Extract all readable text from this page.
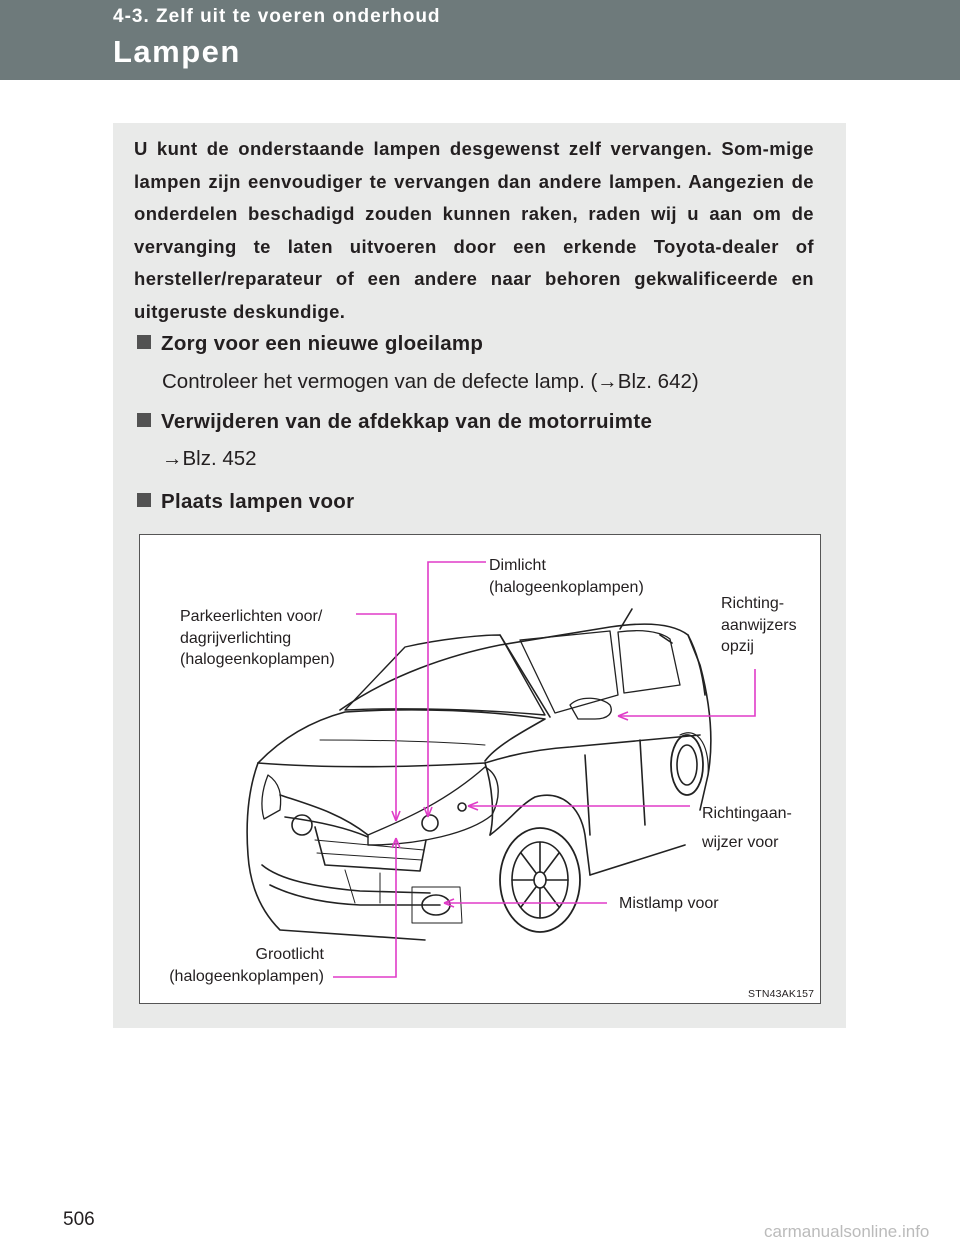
4-3. Zelf uit te voeren onderhoud
Lampen
U kunt de onderstaande lampen desgewenst zelf vervangen. Som-mige lampen zijn eenvoudiger te vervangen dan andere lampen. Aangezien de onderdelen beschadigd zouden kunnen raken, raden wij u aan om de vervanging te laten uitvoeren door een erkende Toyota-dealer of hersteller/reparateur of een andere naar behoren gekwalificeerde en uitgeruste deskundige.
Zorg voor een nieuwe gloeilamp
Controleer het vermogen van de defecte lamp. (→Blz. 642)
Verwijderen van de afdekkap van de motorruimte
→Blz. 452
Plaats lampen voor
Dimlicht
(halogeenkoplampen)
Parkeerlichten voor/
dagrijverlichting
(halogeenkoplampen)
Richting-
aanwijzers
opzij
Richtingaan-
wijzer voor
Mistlamp voor
Grootlicht
(halogeenkoplampen)
STN43AK157
506
carmanualsonline.info
